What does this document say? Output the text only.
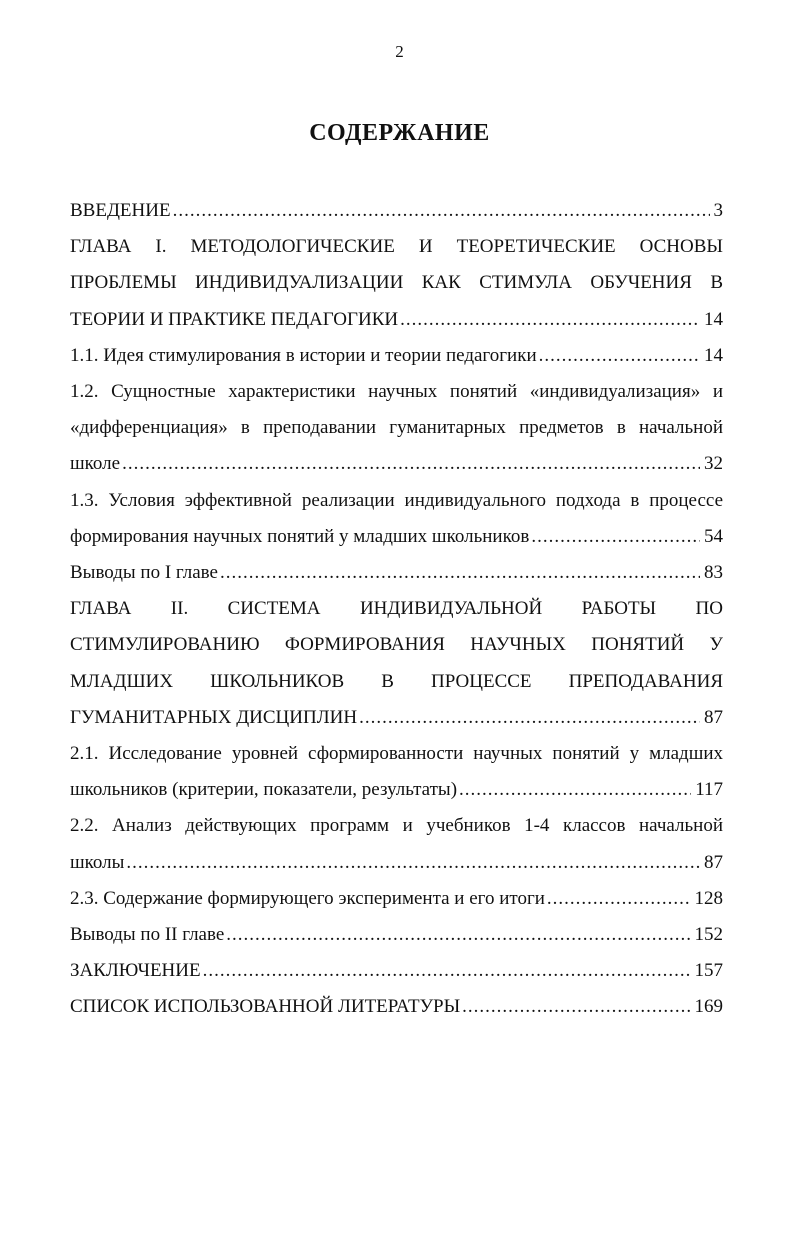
2
СОДЕРЖАНИЕ
ВВЕДЕНИЕ	3
.....
ГЛАВА I. МЕТОДОЛОГИЧЕСКИЕ И ТЕОРЕТИЧЕСКИЕ ОСНОВЫ
ПРОБЛЕМЫ ИНДИВИДУАЛИЗАЦИИ КАК СТИМУЛА ОБУЧЕНИЯ В
ТЕОРИИ И ПРАКТИКЕ ПЕДАГОГИКИ	14
.....
1.1. Идея стимулирования в истории и теории педагогики	14
.....
1.2. Сущностные характеристики научных понятий «индивидуализация» и
«дифференциация» в преподавании гуманитарных предметов в начальной
школе	32
.....
1.3. Условия эффективной реализации индивидуального подхода в процессе
формирования научных понятий у младших школьников	54
.....
Выводы по I главе	83
.....
ГЛАВА II. СИСТЕМА ИНДИВИДУАЛЬНОЙ РАБОТЫ ПО
СТИМУЛИРОВАНИЮ ФОРМИРОВАНИЯ НАУЧНЫХ ПОНЯТИЙ У
МЛАДШИХ ШКОЛЬНИКОВ В ПРОЦЕССЕ ПРЕПОДАВАНИЯ
ГУМАНИТАРНЫХ ДИСЦИПЛИН	87
.....
2.1. Исследование уровней сформированности научных понятий у младших
школьников (критерии, показатели, результаты)	117
.....
2.2. Анализ действующих программ и учебников 1-4 классов начальной
школы	87
.....
2.3. Содержание формирующего эксперимента и его итоги	128
.....
Выводы по II главе	152
.....
ЗАКЛЮЧЕНИЕ	157
.....
СПИСОК ИСПОЛЬЗОВАННОЙ ЛИТЕРАТУРЫ	169
.....
